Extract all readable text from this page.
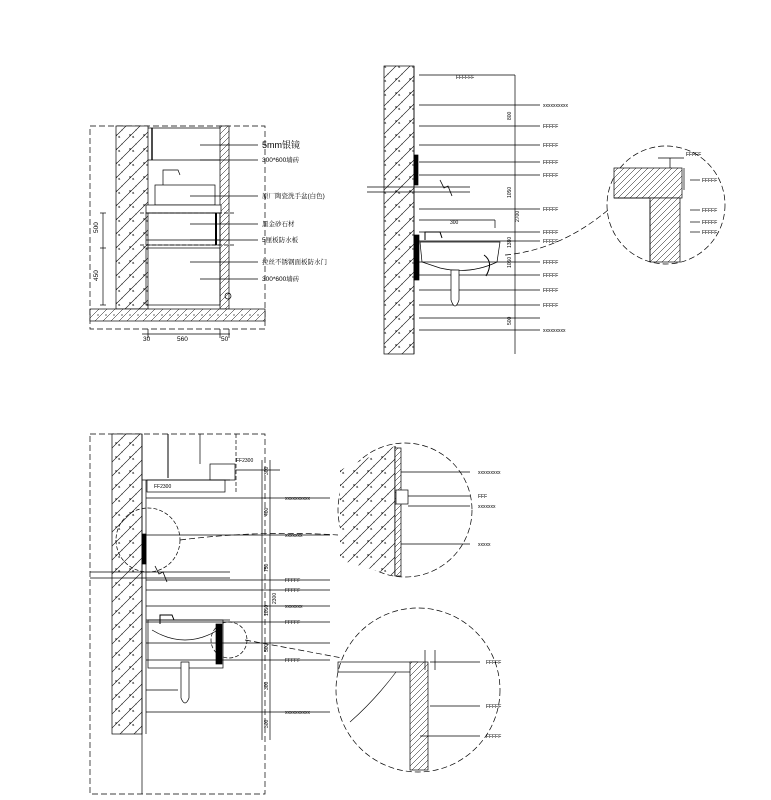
5mm银镜
300*600墙砖
原厂陶瓷洗手盆(白色)
黑金砂石材
5厘板防水板
拉丝不锈钢面板防水门
300*600墙砖
500
450
30	560	50
FFFFFF
xxxxxxxxxx
FFFFF
FFFFF
FFFFF
FFFFF
FFFFF
FFFFF
FFFFF
FFFFF
FFFFF
FFFFF
FFFFF
xxxxxxxxx
800
1050
2700
1380
1050
300
500
FFFFF
FFFFF
FFFFF
FFFFF
FFFFF
FF2300
FF2300
xxxxxxxxxx
xxxxxxx
FFFFF
FFFFF
xxxxxxx
FFFFF
FFFFF
xxxxxxxxxx
300
400
750
1050
2300
500
300
300
xxxxxxxxx
FFF
xxxxxxx
xxxxx
FFFFF
FFFFF
FFFFF
